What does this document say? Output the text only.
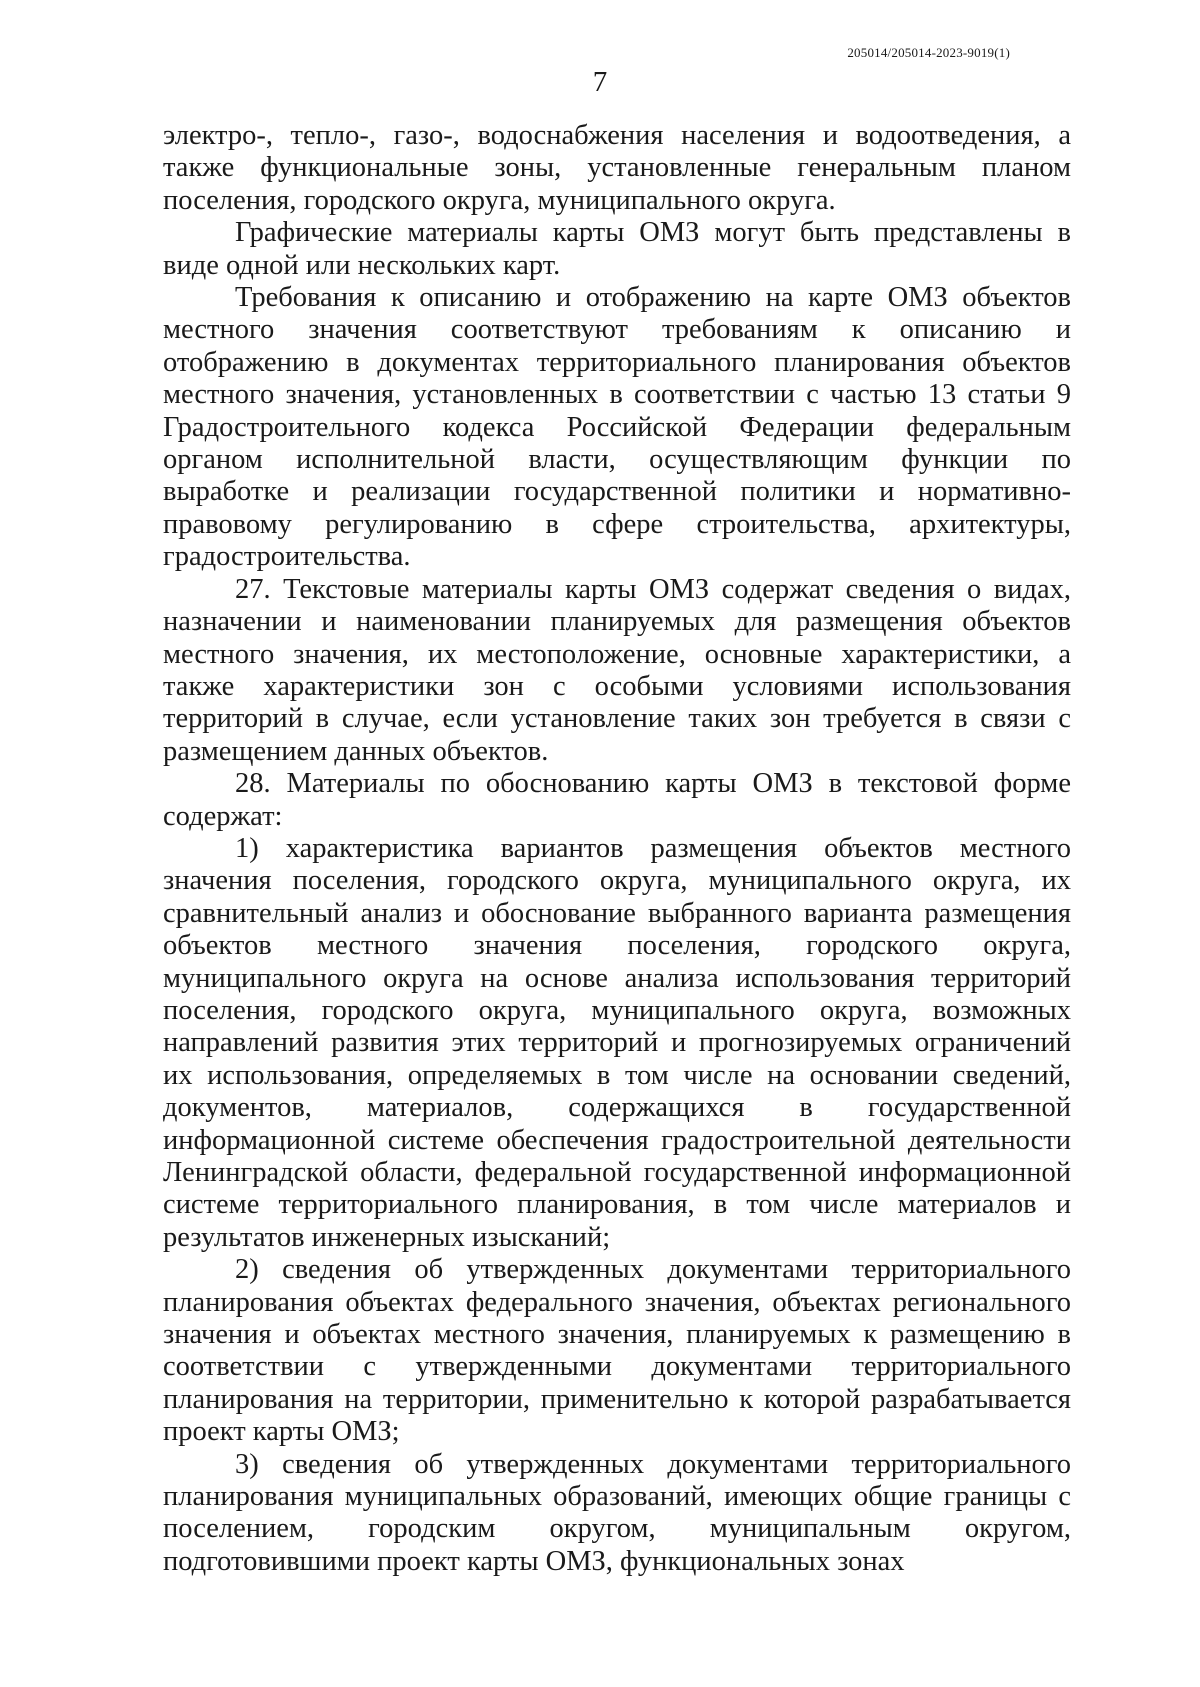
205014/205014-2023-9019(1)
7

электро-, тепло-, газо-, водоснабжения населения и водоотведения, а также функциональные зоны, установленные генеральным планом поселения, городского округа, муниципального округа.

Графические материалы карты ОМЗ могут быть представлены в виде одной или нескольких карт.

Требования к описанию и отображению на карте ОМЗ объектов местного значения соответствуют требованиям к описанию и отображению в документах территориального планирования объектов местного значения, установленных в соответствии с частью 13 статьи 9 Градостроительного кодекса Российской Федерации федеральным органом исполнительной власти, осуществляющим функции по выработке и реализации государственной политики и нормативно-правовому регулированию в сфере строительства, архитектуры, градостроительства.

27. Текстовые материалы карты ОМЗ содержат сведения о видах, назначении и наименовании планируемых для размещения объектов местного значения, их местоположение, основные характеристики, а также характеристики зон с особыми условиями использования территорий в случае, если установление таких зон требуется в связи с размещением данных объектов.

28. Материалы по обоснованию карты ОМЗ в текстовой форме содержат:

1) характеристика вариантов размещения объектов местного значения поселения, городского округа, муниципального округа, их сравнительный анализ и обоснование выбранного варианта размещения объектов местного значения поселения, городского округа, муниципального округа на основе анализа использования территорий поселения, городского округа, муниципального округа, возможных направлений развития этих территорий и прогнозируемых ограничений их использования, определяемых в том числе на основании сведений, документов, материалов, содержащихся в государственной информационной системе обеспечения градостроительной деятельности Ленинградской области, федеральной государственной информационной системе территориального планирования, в том числе материалов и результатов инженерных изысканий;

2) сведения об утвержденных документами территориального планирования объектах федерального значения, объектах регионального значения и объектах местного значения, планируемых к размещению в соответствии с утвержденными документами территориального планирования на территории, применительно к которой разрабатывается проект карты ОМЗ;

3) сведения об утвержденных документами территориального планирования муниципальных образований, имеющих общие границы с поселением, городским округом, муниципальным округом, подготовившими проект карты ОМЗ, функциональных зонах
